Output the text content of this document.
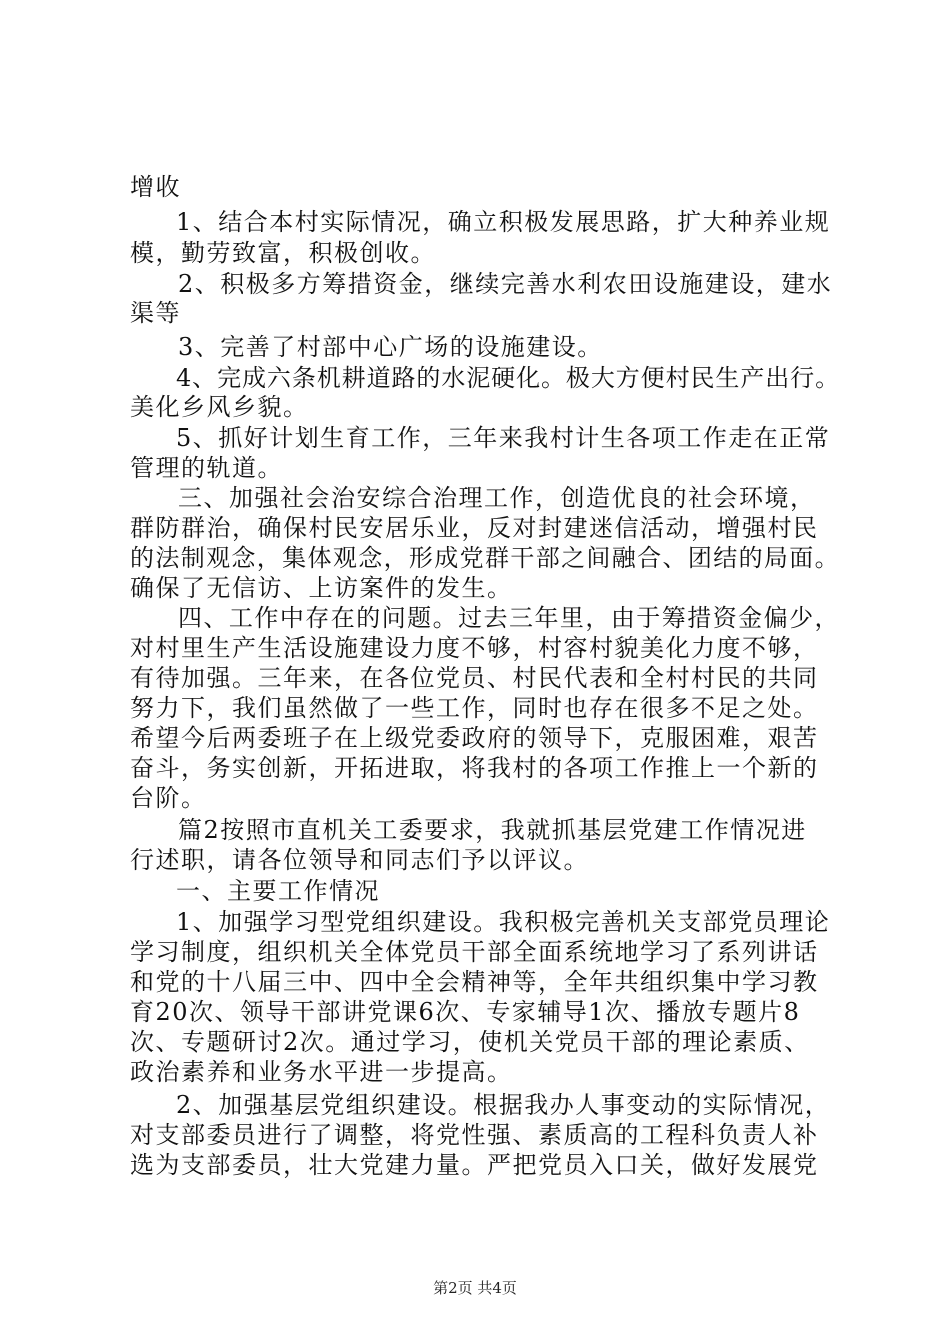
增收
1、结合本村实际情况，确立积极发展思路，扩大种养业规
模，勤劳致富，积极创收。
2、积极多方筹措资金，继续完善水利农田设施建设，建水
渠等
3、完善了村部中心广场的设施建设。
4、完成六条机耕道路的水泥硬化。极大方便村民生产出行。
美化乡风乡貌。
5、抓好计划生育工作，三年来我村计生各项工作走在正常
管理的轨道。
三、加强社会治安综合治理工作，创造优良的社会环境，
群防群治，确保村民安居乐业，反对封建迷信活动，增强村民
的法制观念，集体观念，形成党群干部之间融合、团结的局面。
确保了无信访、上访案件的发生。
四、工作中存在的问题。过去三年里，由于筹措资金偏少，
对村里生产生活设施建设力度不够，村容村貌美化力度不够，
有待加强。三年来，在各位党员、村民代表和全村村民的共同
努力下，我们虽然做了一些工作，同时也存在很多不足之处。
希望今后两委班子在上级党委政府的领导下，克服困难，艰苦
奋斗，务实创新，开拓进取，将我村的各项工作推上一个新的
台阶。
篇2按照市直机关工委要求，我就抓基层党建工作情况进
行述职，请各位领导和同志们予以评议。
一、主要工作情况
1、加强学习型党组织建设。我积极完善机关支部党员理论
学习制度，组织机关全体党员干部全面系统地学习了系列讲话
和党的十八届三中、四中全会精神等，全年共组织集中学习教
育20次、领导干部讲党课6次、专家辅导1次、播放专题片8
次、专题研讨2次。通过学习，使机关党员干部的理论素质、
政治素养和业务水平进一步提高。
2、加强基层党组织建设。根据我办人事变动的实际情况，
对支部委员进行了调整，将党性强、素质高的工程科负责人补
选为支部委员，壮大党建力量。严把党员入口关，做好发展党
第2页 共4页
